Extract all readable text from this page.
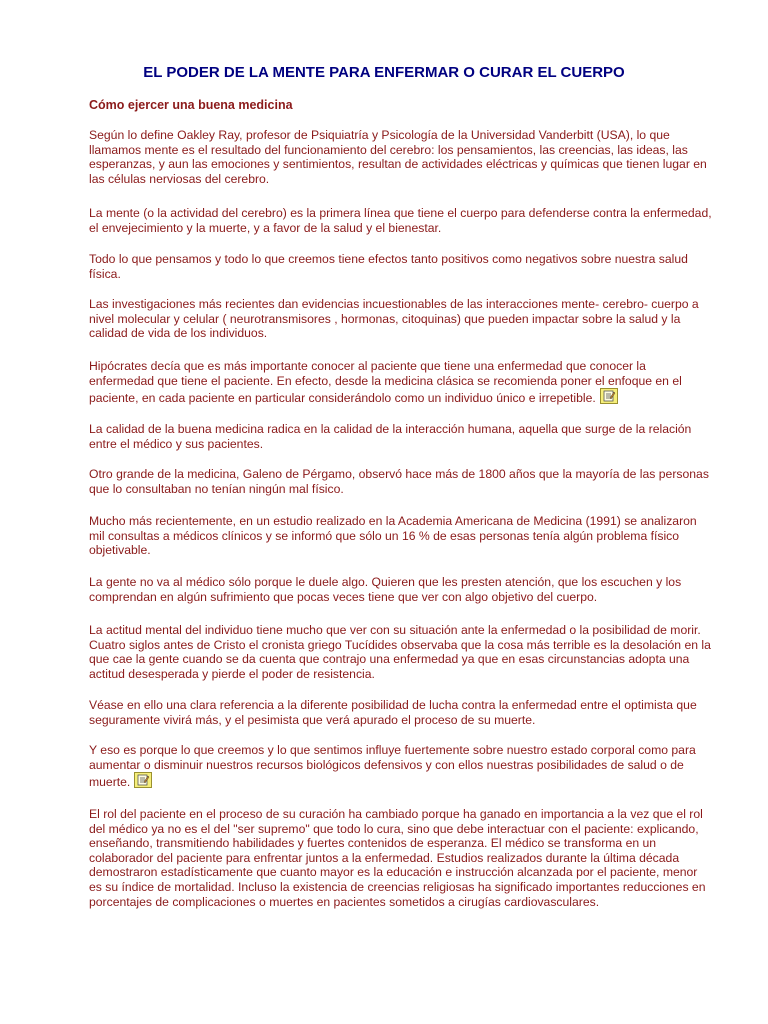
EL PODER DE LA MENTE PARA ENFERMAR O CURAR EL CUERPO
Cómo ejercer una buena medicina
Según lo define Oakley Ray, profesor de Psiquiatría y Psicología de la Universidad Vanderbitt (USA), lo que llamamos mente es el resultado del funcionamiento del cerebro: los pensamientos, las creencias, las ideas, las esperanzas, y aun las emociones y sentimientos, resultan de actividades eléctricas y químicas que tienen lugar en las células nerviosas del cerebro.
La mente (o la actividad del cerebro) es la primera línea que tiene el cuerpo para defenderse contra la enfermedad, el envejecimiento y la muerte, y a favor de la salud y el bienestar.
Todo lo que pensamos y todo lo que creemos tiene efectos tanto positivos como negativos sobre nuestra salud física.
Las investigaciones más recientes dan evidencias incuestionables de las interacciones mente- cerebro- cuerpo a nivel molecular y celular ( neurotransmisores , hormonas, citoquinas) que pueden impactar sobre la salud y la calidad de vida de los individuos.
Hipócrates decía que es más importante conocer al paciente que tiene una enfermedad que conocer la enfermedad que tiene el paciente. En efecto, desde la medicina clásica se recomienda poner el enfoque en el paciente, en cada paciente en particular considerándolo como un individuo único e irrepetible.
La calidad de la buena medicina radica en la calidad de la interacción humana, aquella que surge de la relación entre el médico y sus pacientes.
Otro grande de la medicina, Galeno de Pérgamo, observó hace más de 1800 años que la mayoría de las personas que lo consultaban no tenían ningún mal físico.
Mucho más recientemente, en un estudio realizado en la Academia Americana de Medicina (1991) se analizaron mil consultas a médicos clínicos y se informó que sólo un 16 % de esas personas tenía algún problema físico objetivable.
La gente no va al médico sólo porque le duele algo. Quieren que les presten atención, que los escuchen y los comprendan en algún sufrimiento que pocas veces tiene que ver con algo objetivo del cuerpo.
La actitud mental del individuo tiene mucho que ver con su situación ante la enfermedad o la posibilidad de morir. Cuatro siglos antes de Cristo el cronista griego Tucídides observaba que la cosa más terrible es la desolación en la que cae la gente cuando se da cuenta que contrajo una enfermedad ya que en esas circunstancias adopta una actitud desesperada y pierde el poder de resistencia.
Véase en ello una clara referencia a la diferente posibilidad de lucha contra la enfermedad entre el optimista que seguramente vivirá más, y el pesimista que verá apurado el proceso de su muerte.
Y eso es porque lo que creemos y lo que sentimos influye fuertemente sobre nuestro estado corporal como para aumentar o disminuir nuestros recursos biológicos defensivos y con ellos nuestras posibilidades de salud o de muerte.
El rol del paciente en el proceso de su curación ha cambiado porque ha ganado en importancia a la vez que el rol del médico ya no es el del "ser supremo" que todo lo cura, sino que debe interactuar con el paciente: explicando, enseñando, transmitiendo habilidades y fuertes contenidos de esperanza. El médico se transforma en un colaborador del paciente para enfrentar juntos a la enfermedad. Estudios realizados durante la última década demostraron estadísticamente que cuanto mayor es la educación e instrucción alcanzada por el paciente, menor es su índice de mortalidad. Incluso la existencia de creencias religiosas ha significado importantes reducciones en porcentajes de complicaciones o muertes en pacientes sometidos a cirugías cardiovasculares.
